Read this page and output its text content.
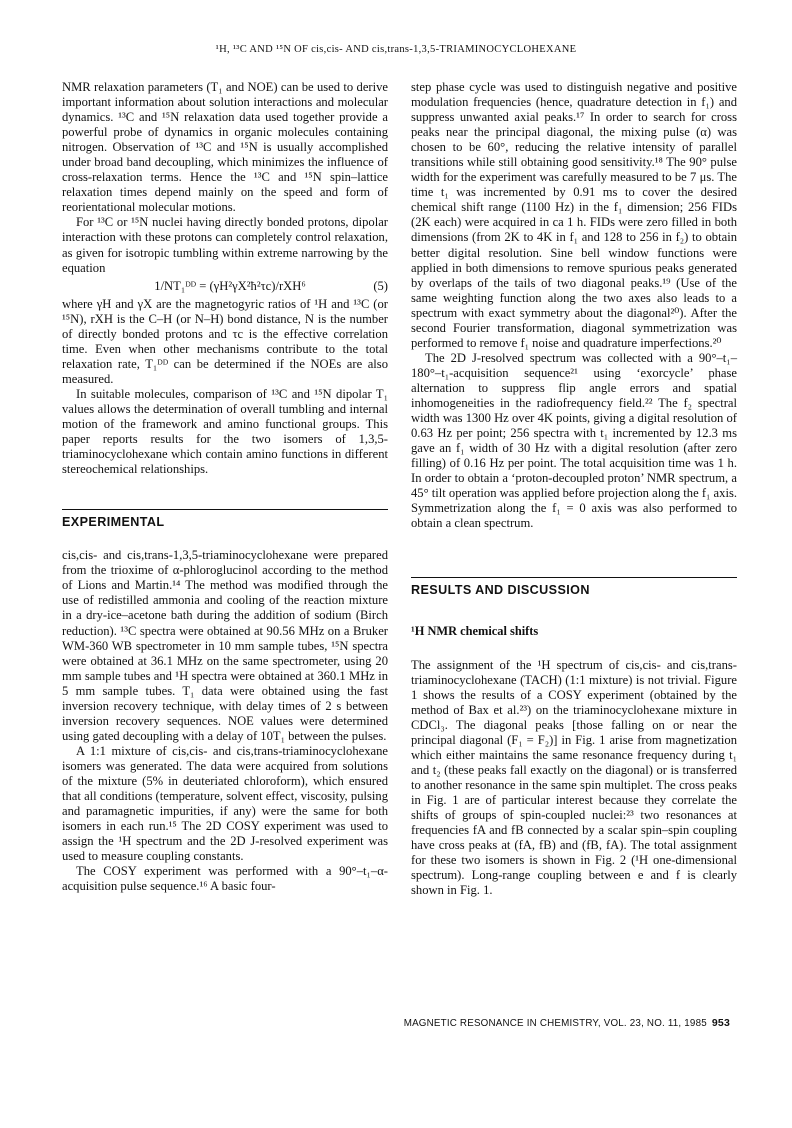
¹H, ¹³C AND ¹⁵N OF cis,cis- AND cis,trans-1,3,5-TRIAMINOCYCLOHEXANE

NMR relaxation parameters (T₁ and NOE) can be used to derive important information about solution interactions and molecular dynamics. ¹³C and ¹⁵N relaxation data used together provide a powerful probe of dynamics in organic molecules containing nitrogen. Observation of ¹³C and ¹⁵N is usually accomplished under broad band decoupling, which minimizes the influence of cross-relaxation terms. Hence the ¹³C and ¹⁵N spin–lattice relaxation times depend mainly on the speed and form of reorientational molecular motions.

For ¹³C or ¹⁵N nuclei having directly bonded protons, dipolar interaction with these protons can completely control relaxation, as given for isotropic tumbling within extreme narrowing by the equation

1/NT₁ᴰᴰ = (γH²γX²ħ²τc)/rXH⁶	(5)

where γH and γX are the magnetogyric ratios of ¹H and ¹³C (or ¹⁵N), rXH is the C–H (or N–H) bond distance, N is the number of directly bonded protons and τc is the effective correlation time. Even when other mechanisms contribute to the total relaxation rate, T₁ᴰᴰ can be determined if the NOEs are also measured.

In suitable molecules, comparison of ¹³C and ¹⁵N dipolar T₁ values allows the determination of overall tumbling and internal motion of the framework and amino functional groups. This paper reports results for the two isomers of 1,3,5-triaminocyclohexane which contain amino functions in different stereochemical relationships.

EXPERIMENTAL

cis,cis- and cis,trans-1,3,5-triaminocyclohexane were prepared from the trioxime of α-phloroglucinol according to the method of Lions and Martin.¹⁴ The method was modified through the use of redistilled ammonia and cooling of the reaction mixture in a dry-ice–acetone bath during the addition of sodium (Birch reduction). ¹³C spectra were obtained at 90.56 MHz on a Bruker WM-360 WB spectrometer in 10 mm sample tubes, ¹⁵N spectra were obtained at 36.1 MHz on the same spectrometer, using 20 mm sample tubes and ¹H spectra were obtained at 360.1 MHz in 5 mm sample tubes. T₁ data were obtained using the fast inversion recovery technique, with delay times of 2 s between inversion recovery sequences. NOE values were determined using gated decoupling with a delay of 10T₁ between the pulses.

A 1:1 mixture of cis,cis- and cis,trans-triaminocyclohexane isomers was generated. The data were acquired from solutions of the mixture (5% in deuteriated chloroform), which ensured that all conditions (temperature, solvent effect, viscosity, pulsing and paramagnetic impurities, if any) were the same for both isomers in each run.¹⁵ The 2D COSY experiment was used to assign the ¹H spectrum and the 2D J-resolved experiment was used to measure coupling constants.

The COSY experiment was performed with a 90°–t₁–α-acquisition pulse sequence.¹⁶ A basic four-

step phase cycle was used to distinguish negative and positive modulation frequencies (hence, quadrature detection in f₁) and suppress unwanted axial peaks.¹⁷ In order to search for cross peaks near the principal diagonal, the mixing pulse (α) was chosen to be 60°, reducing the relative intensity of parallel transitions while still obtaining good sensitivity.¹⁸ The 90° pulse width for the experiment was carefully measured to be 7 μs. The time t₁ was incremented by 0.91 ms to cover the desired chemical shift range (1100 Hz) in the f₁ dimension; 256 FIDs (2K each) were acquired in ca 1 h. FIDs were zero filled in both dimensions (from 2K to 4K in f₁ and 128 to 256 in f₂) to obtain better digital resolution. Sine bell window functions were applied in both dimensions to remove spurious peaks generated by overlaps of the tails of two diagonal peaks.¹⁹ (Use of the same weighting function along the two axes also leads to a spectrum with exact symmetry about the diagonal²⁰). After the second Fourier transformation, diagonal symmetrization was performed to remove f₁ noise and quadrature imperfections.²⁰

The 2D J-resolved spectrum was collected with a 90°–t₁–180°–t₁-acquisition sequence²¹ using ‘exorcycle’ phase alternation to suppress flip angle errors and spatial inhomogeneities in the radiofrequency field.²² The f₂ spectral width was 1300 Hz over 4K points, giving a digital resolution of 0.63 Hz per point; 256 spectra with t₁ incremented by 12.3 ms gave an f₁ width of 30 Hz with a digital resolution (after zero filling) of 0.16 Hz per point. The total acquisition time was 1 h. In order to obtain a ‘proton-decoupled proton’ NMR spectrum, a 45° tilt operation was applied before projection along the f₁ axis. Symmetrization along the f₁ = 0 axis was also performed to obtain a clean spectrum.

RESULTS AND DISCUSSION
¹H NMR chemical shifts

The assignment of the ¹H spectrum of cis,cis- and cis,trans-triaminocyclohexane (TACH) (1:1 mixture) is not trivial. Figure 1 shows the results of a COSY experiment (obtained by the method of Bax et al.²³) on the triaminocyclohexane mixture in CDCl₃. The diagonal peaks [those falling on or near the principal diagonal (F₁ = F₂)] in Fig. 1 arise from magnetization which either maintains the same resonance frequency during t₁ and t₂ (these peaks fall exactly on the diagonal) or is transferred to another resonance in the same spin multiplet. The cross peaks in Fig. 1 are of particular interest because they correlate the shifts of groups of spin-coupled nuclei:²³ two resonances at frequencies fA and fB connected by a scalar spin–spin coupling have cross peaks at (fA, fB) and (fB, fA). The total assignment for these two isomers is shown in Fig. 2 (¹H one-dimensional spectrum). Long-range coupling between e and f is clearly shown in Fig. 1.

MAGNETIC RESONANCE IN CHEMISTRY, VOL. 23, NO. 11, 1985 953
